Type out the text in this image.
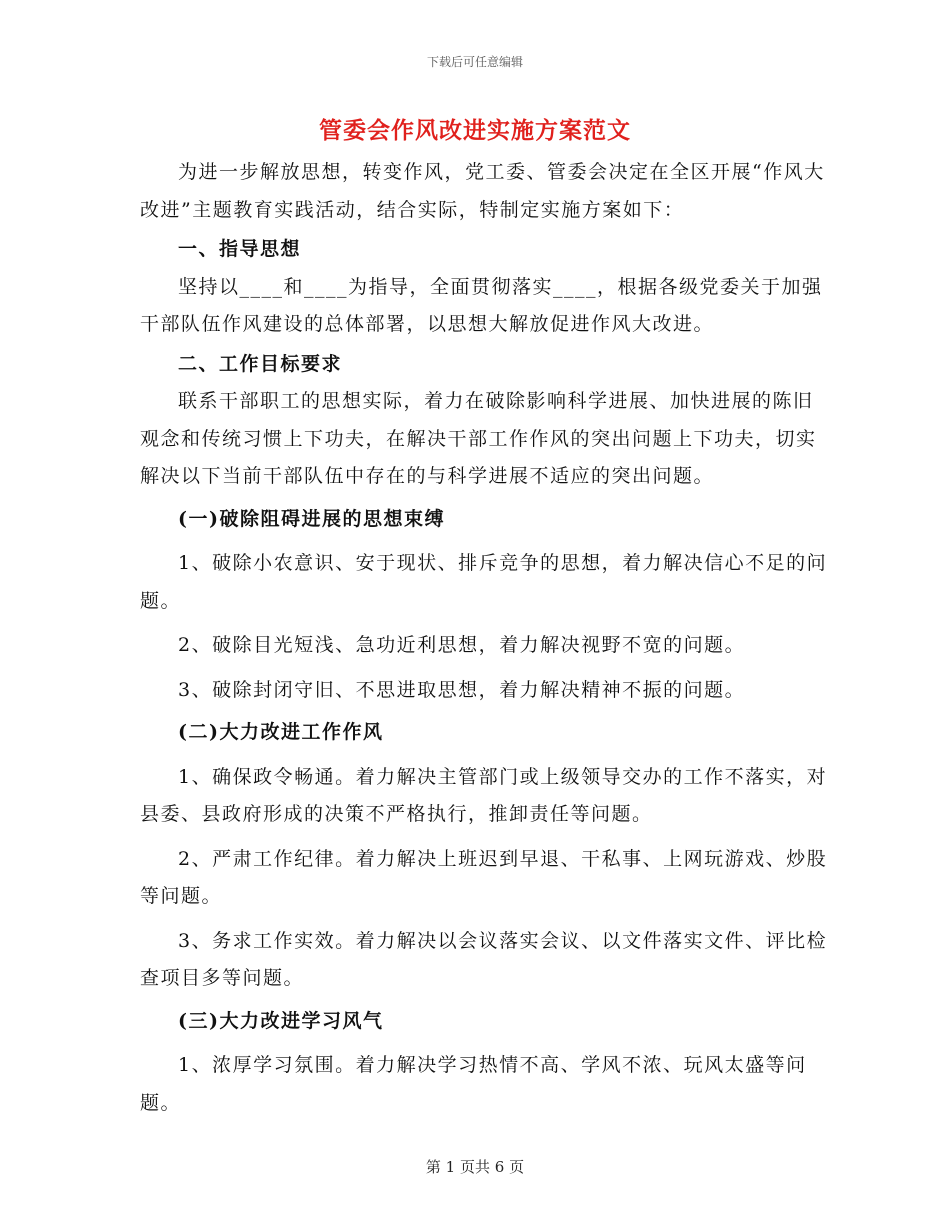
下载后可任意编辑
管委会作风改进实施方案范文

为进一步解放思想，转变作风，党工委、管委会决定在全区开展“作风大改进”主题教育实践活动，结合实际，特制定实施方案如下：

一、指导思想

坚持以____和____为指导，全面贯彻落实____，根据各级党委关于加强干部队伍作风建设的总体部署，以思想大解放促进作风大改进。

二、工作目标要求

联系干部职工的思想实际，着力在破除影响科学进展、加快进展的陈旧观念和传统习惯上下功夫，在解决干部工作作风的突出问题上下功夫，切实解决以下当前干部队伍中存在的与科学进展不适应的突出问题。

(一)破除阻碍进展的思想束缚

1、破除小农意识、安于现状、排斥竞争的思想，着力解决信心不足的问题。

2、破除目光短浅、急功近利思想，着力解决视野不宽的问题。

3、破除封闭守旧、不思进取思想，着力解决精神不振的问题。

(二)大力改进工作作风

1、确保政令畅通。着力解决主管部门或上级领导交办的工作不落实，对县委、县政府形成的决策不严格执行，推卸责任等问题。

2、严肃工作纪律。着力解决上班迟到早退、干私事、上网玩游戏、炒股等问题。

3、务求工作实效。着力解决以会议落实会议、以文件落实文件、评比检查项目多等问题。

(三)大力改进学习风气

1、浓厚学习氛围。着力解决学习热情不高、学风不浓、玩风太盛等问题。

第 1 页共 6 页
